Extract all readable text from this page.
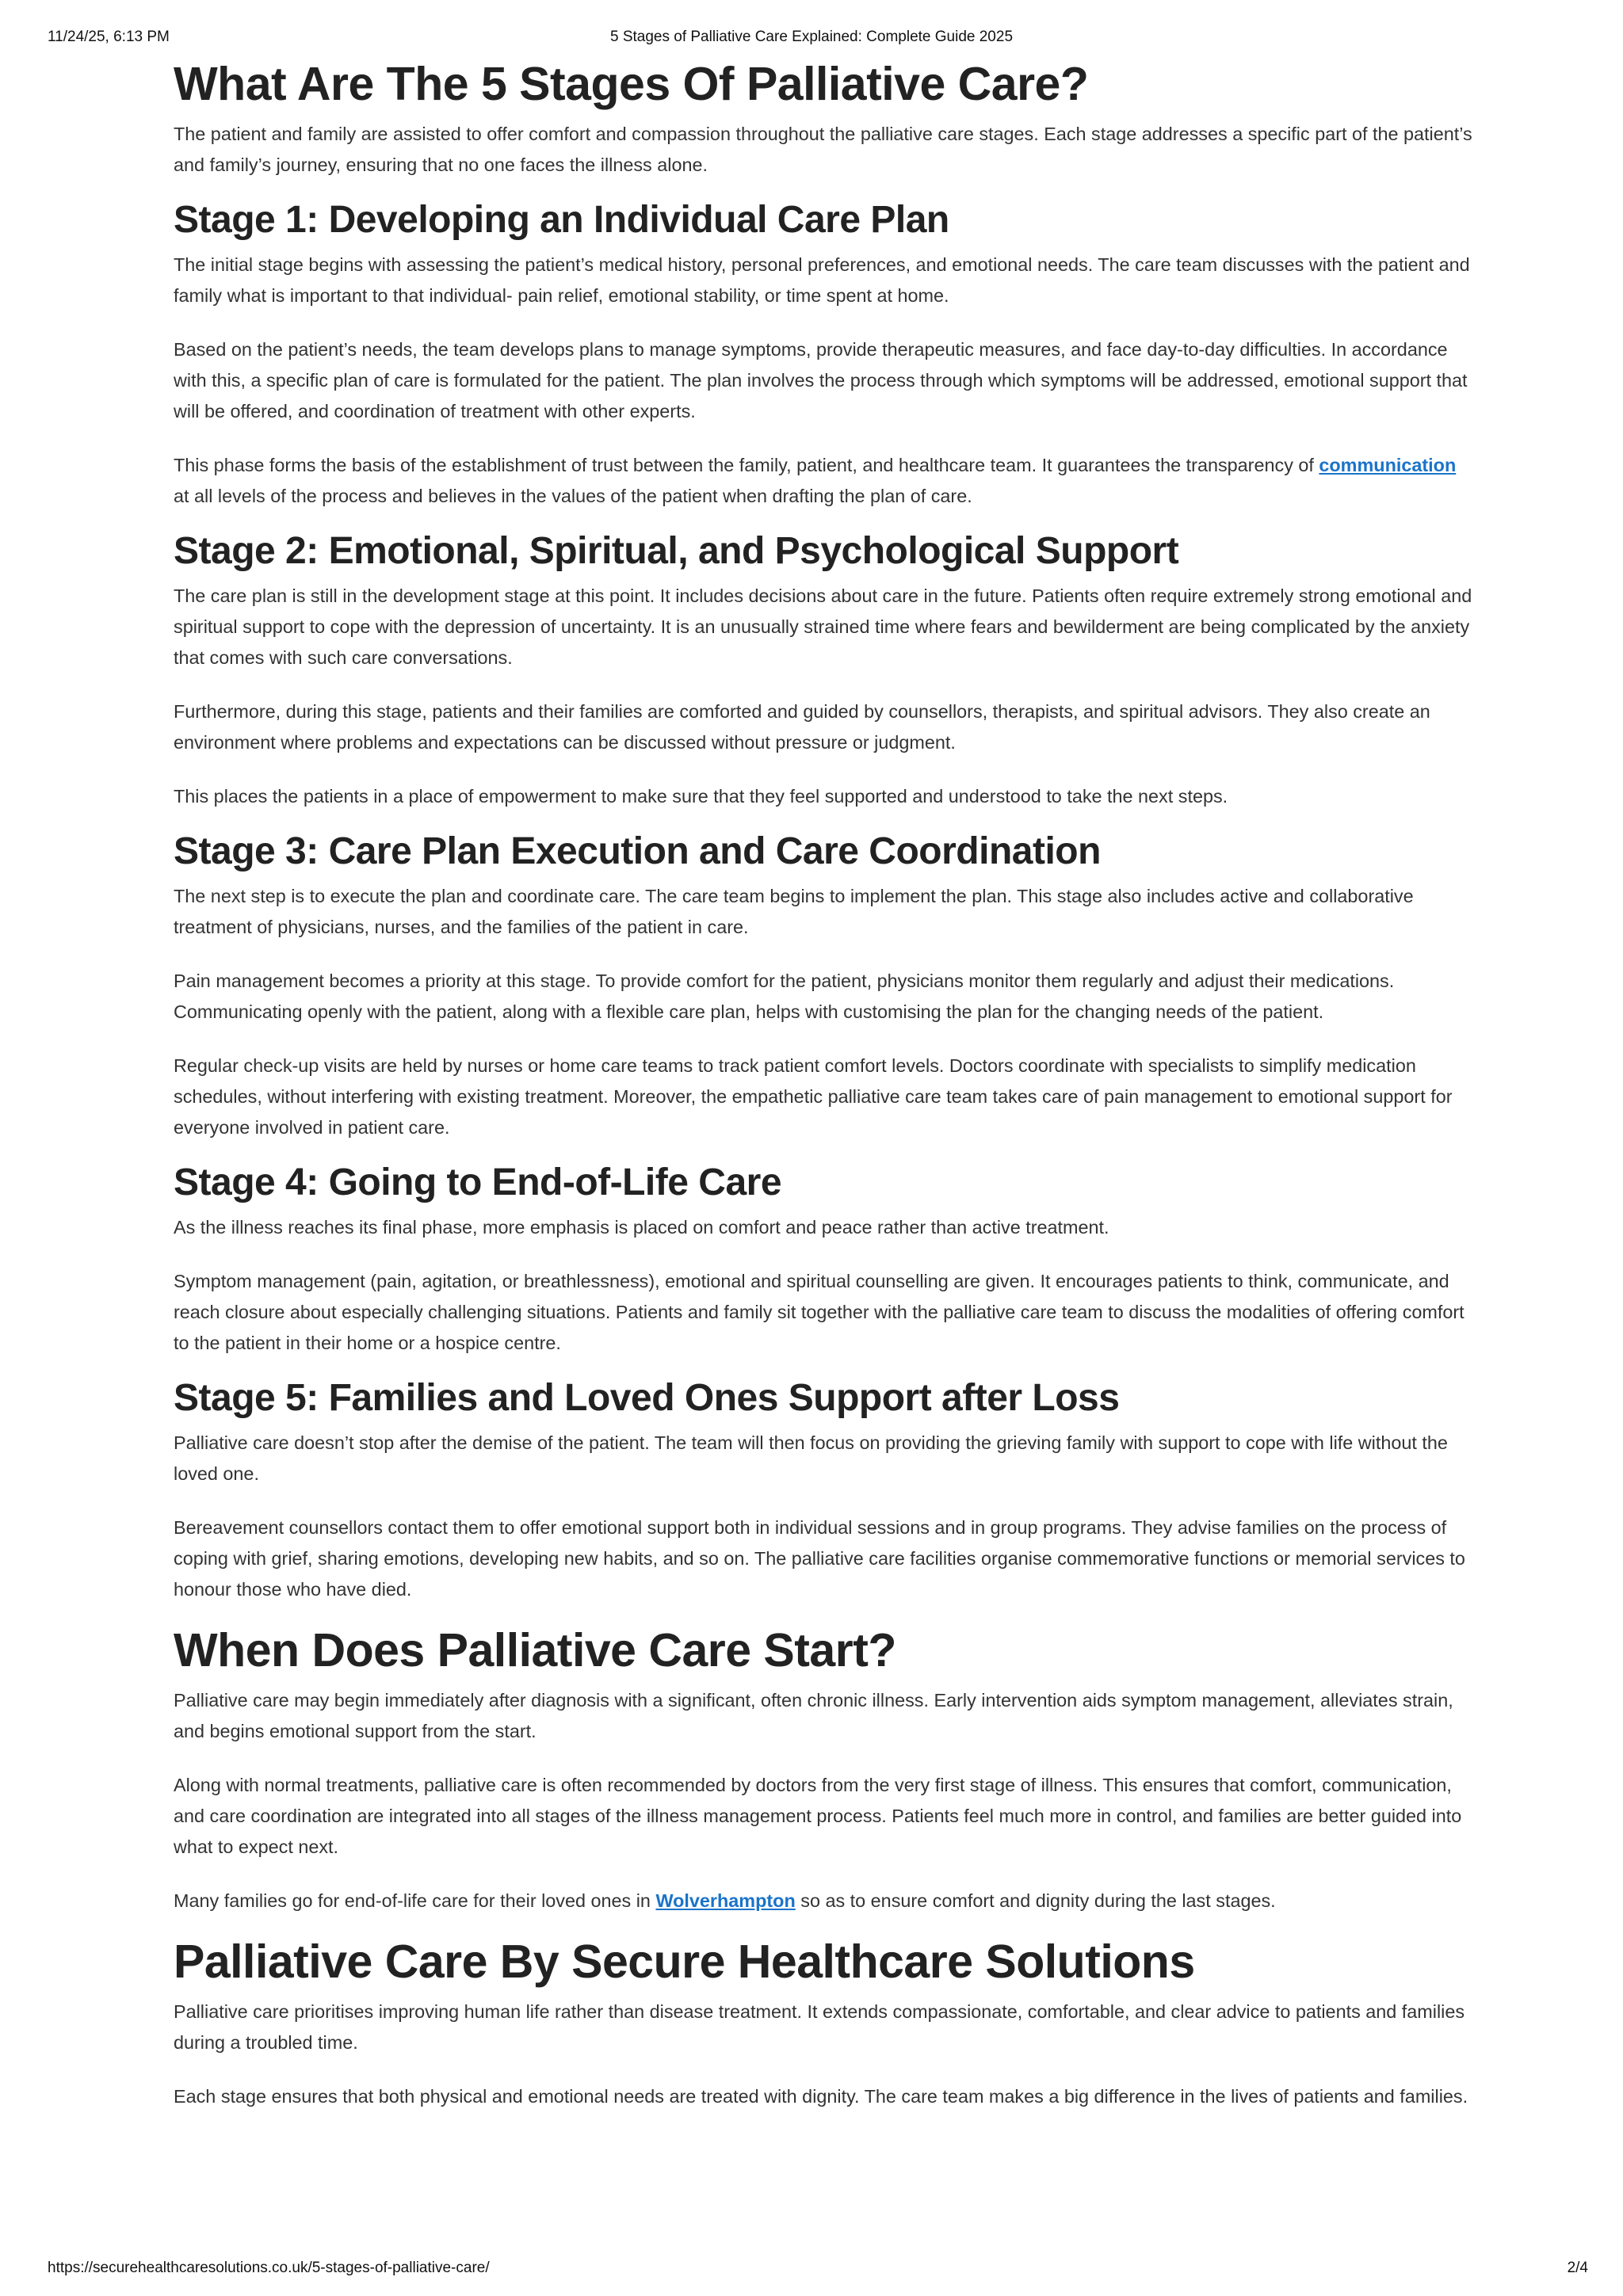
11/24/25, 6:13 PM	5 Stages of Palliative Care Explained: Complete Guide 2025
What Are The 5 Stages Of Palliative Care?

The patient and family are assisted to offer comfort and compassion throughout the palliative care stages. Each stage addresses a specific part of the patient’s and family’s journey, ensuring that no one faces the illness alone.

Stage 1: Developing an Individual Care Plan

The initial stage begins with assessing the patient’s medical history, personal preferences, and emotional needs. The care team discusses with the patient and family what is important to that individual- pain relief, emotional stability, or time spent at home.

Based on the patient’s needs, the team develops plans to manage symptoms, provide therapeutic measures, and face day-to-day difficulties. In accordance with this, a specific plan of care is formulated for the patient. The plan involves the process through which symptoms will be addressed, emotional support that will be offered, and coordination of treatment with other experts.

This phase forms the basis of the establishment of trust between the family, patient, and healthcare team. It guarantees the transparency of communication at all levels of the process and believes in the values of the patient when drafting the plan of care.

Stage 2: Emotional, Spiritual, and Psychological Support

The care plan is still in the development stage at this point. It includes decisions about care in the future. Patients often require extremely strong emotional and spiritual support to cope with the depression of uncertainty. It is an unusually strained time where fears and bewilderment are being complicated by the anxiety that comes with such care conversations.

Furthermore, during this stage, patients and their families are comforted and guided by counsellors, therapists, and spiritual advisors. They also create an environment where problems and expectations can be discussed without pressure or judgment.

This places the patients in a place of empowerment to make sure that they feel supported and understood to take the next steps.

Stage 3: Care Plan Execution and Care Coordination

The next step is to execute the plan and coordinate care. The care team begins to implement the plan. This stage also includes active and collaborative treatment of physicians, nurses, and the families of the patient in care.

Pain management becomes a priority at this stage. To provide comfort for the patient, physicians monitor them regularly and adjust their medications. Communicating openly with the patient, along with a flexible care plan, helps with customising the plan for the changing needs of the patient.

Regular check-up visits are held by nurses or home care teams to track patient comfort levels. Doctors coordinate with specialists to simplify medication schedules, without interfering with existing treatment. Moreover, the empathetic palliative care team takes care of pain management to emotional support for everyone involved in patient care.

Stage 4: Going to End-of-Life Care

As the illness reaches its final phase, more emphasis is placed on comfort and peace rather than active treatment.

Symptom management (pain, agitation, or breathlessness), emotional and spiritual counselling are given. It encourages patients to think, communicate, and reach closure about especially challenging situations. Patients and family sit together with the palliative care team to discuss the modalities of offering comfort to the patient in their home or a hospice centre.

Stage 5: Families and Loved Ones Support after Loss

Palliative care doesn’t stop after the demise of the patient. The team will then focus on providing the grieving family with support to cope with life without the loved one.

Bereavement counsellors contact them to offer emotional support both in individual sessions and in group programs. They advise families on the process of coping with grief, sharing emotions, developing new habits, and so on. The palliative care facilities organise commemorative functions or memorial services to honour those who have died.

When Does Palliative Care Start?

Palliative care may begin immediately after diagnosis with a significant, often chronic illness. Early intervention aids symptom management, alleviates strain, and begins emotional support from the start.

Along with normal treatments, palliative care is often recommended by doctors from the very first stage of illness. This ensures that comfort, communication, and care coordination are integrated into all stages of the illness management process. Patients feel much more in control, and families are better guided into what to expect next.

Many families go for end-of-life care for their loved ones in Wolverhampton so as to ensure comfort and dignity during the last stages.

Palliative Care By Secure Healthcare Solutions

Palliative care prioritises improving human life rather than disease treatment. It extends compassionate, comfortable, and clear advice to patients and families during a troubled time.

Each stage ensures that both physical and emotional needs are treated with dignity. The care team makes a big difference in the lives of patients and families.

https://securehealthcaresolutions.co.uk/5-stages-of-palliative-care/	2/4
